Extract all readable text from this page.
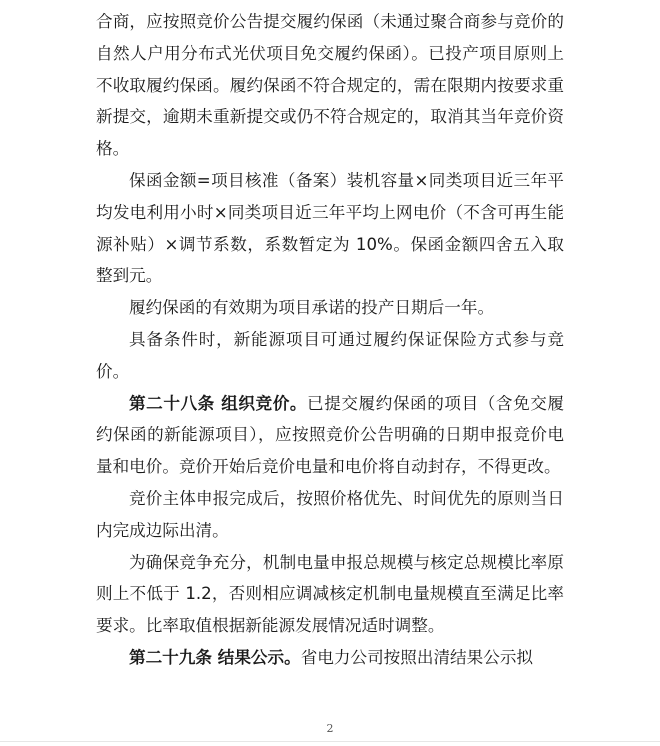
合商，应按照竞价公告提交履约保函（未通过聚合商参与竞价的自然人户用分布式光伏项目免交履约保函）。已投产项目原则上不收取履约保函。履约保函不符合规定的，需在限期内按要求重新提交，逾期未重新提交或仍不符合规定的，取消其当年竞价资格。

保函金额=项目核准（备案）装机容量×同类项目近三年平均发电利用小时×同类项目近三年平均上网电价（不含可再生能源补贴）×调节系数，系数暂定为 10%。保函金额四舍五入取整到元。

履约保函的有效期为项目承诺的投产日期后一年。

具备条件时，新能源项目可通过履约保证保险方式参与竞价。

第二十八条 组织竞价。已提交履约保函的项目（含免交履约保函的新能源项目），应按照竞价公告明确的日期申报竞价电量和电价。竞价开始后竞价电量和电价将自动封存，不得更改。

竞价主体申报完成后，按照价格优先、时间优先的原则当日内完成边际出清。

为确保竞争充分，机制电量申报总规模与核定总规模比率原则上不低于 1.2，否则相应调减核定机制电量规模直至满足比率要求。比率取值根据新能源发展情况适时调整。

第二十九条 结果公示。省电力公司按照出清结果公示拟

2
